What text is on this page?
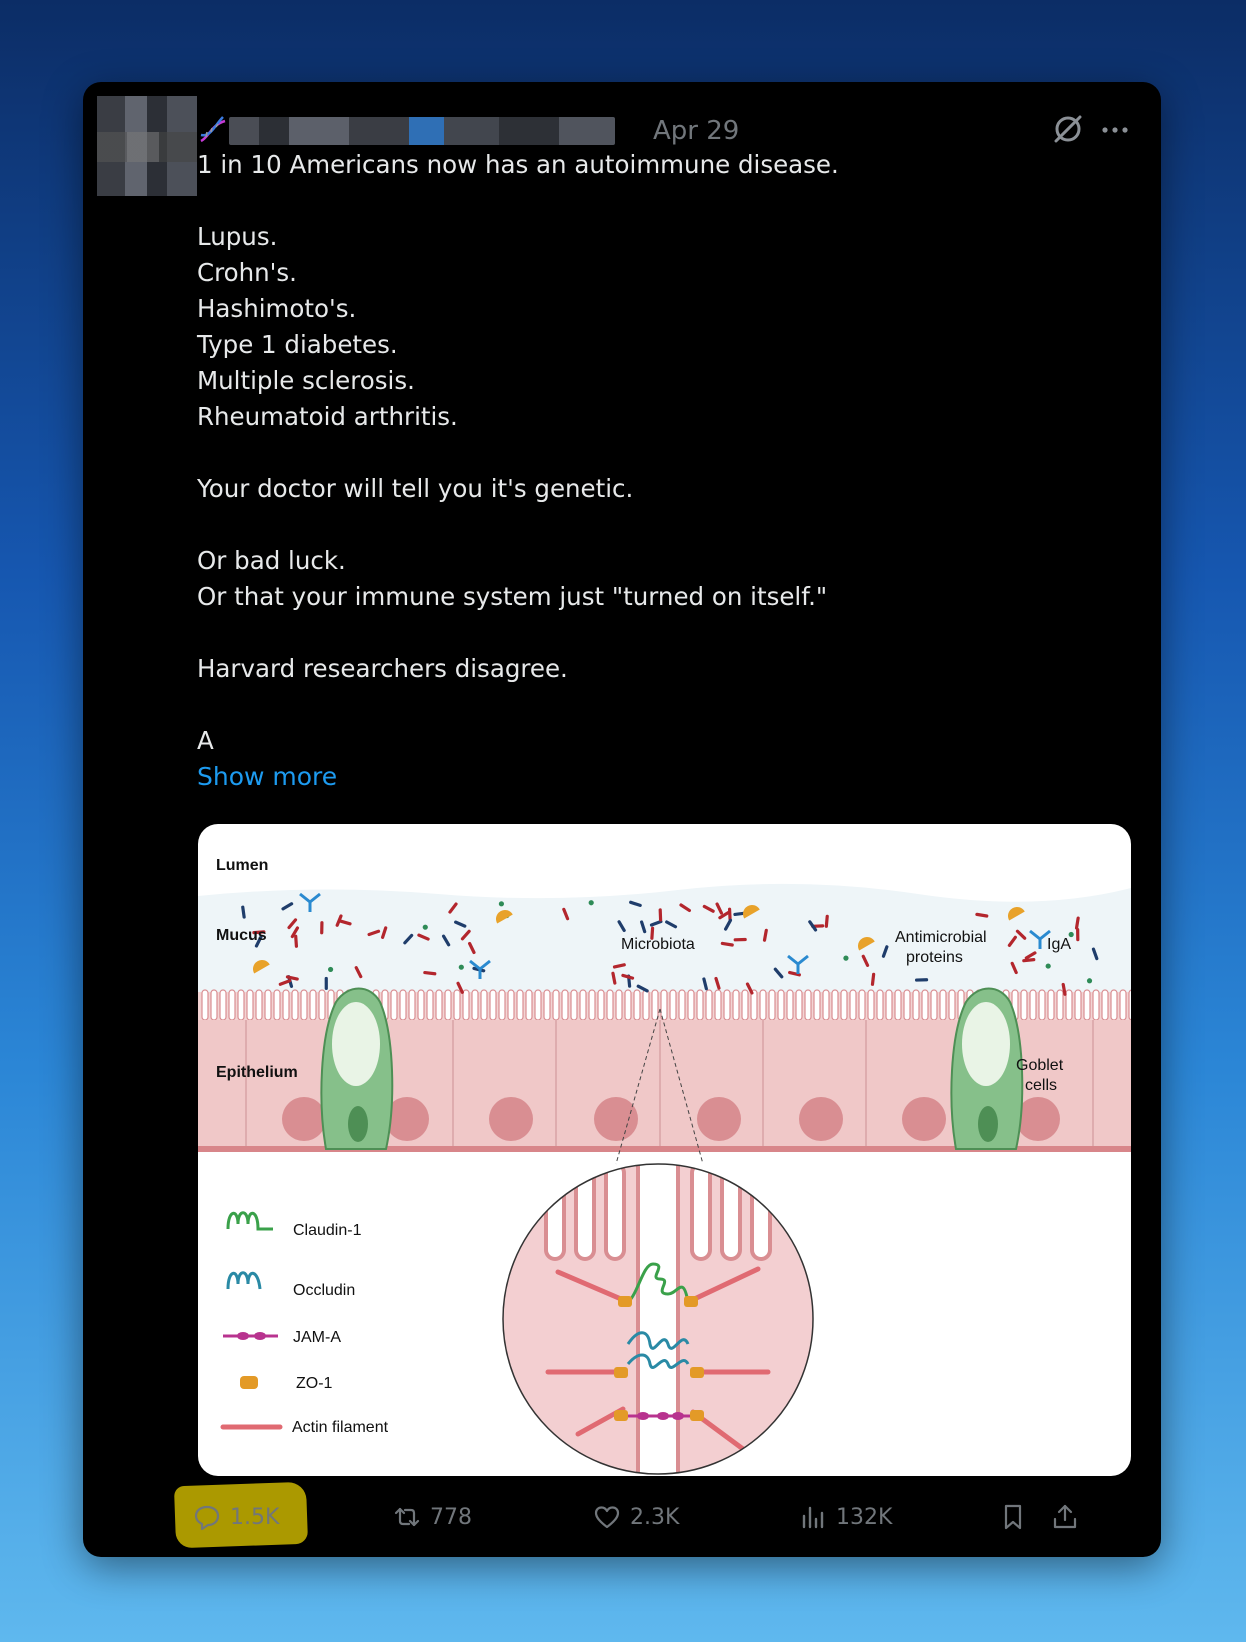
Apr 29

1 in 10 Americans now has an autoimmune disease.

Lupus.

Crohn's.

Hashimoto's.

Type 1 diabetes.

Multiple sclerosis.

Rheumatoid arthritis.

Your doctor will tell you it's genetic.

Or bad luck.

Or that your immune system just "turned on itself."

Harvard researchers disagree.

A

Show more
Lumen
Mucus
Epithelium
Microbiota	Antimicrobial	IgA
Goblet
cells
Claudin-1
Occludin
JAM-A
ZO-1
Actin filament
proteins
1.5K	778	2.3K	132K
